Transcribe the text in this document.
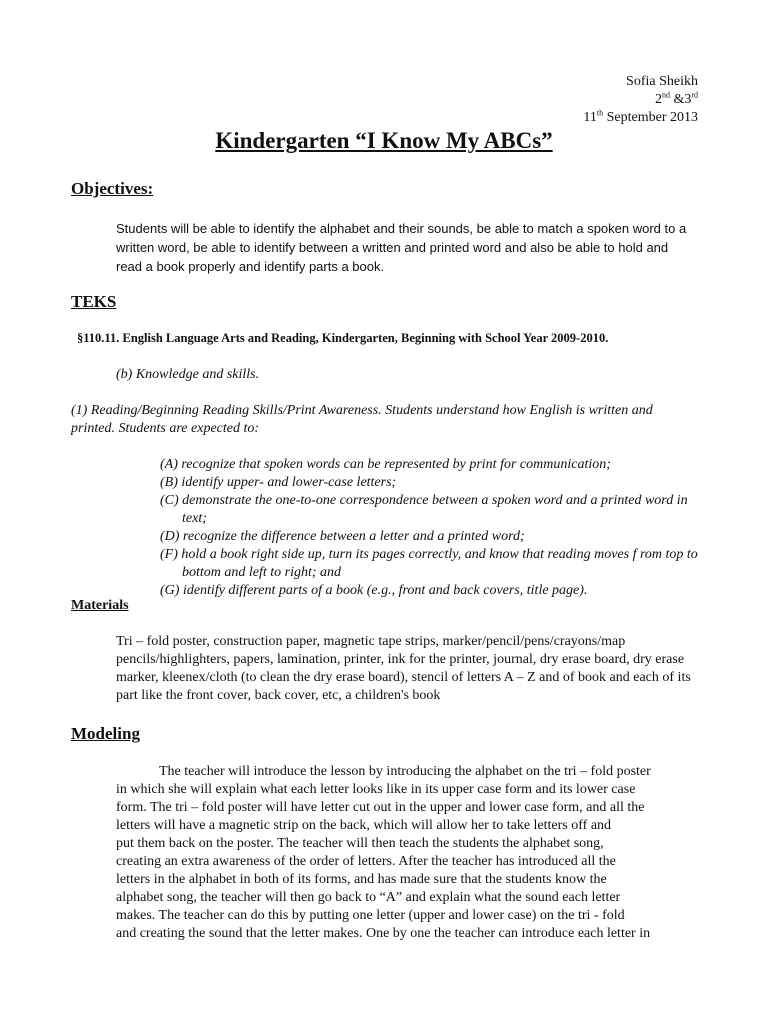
Sofia Sheikh
2nd &3rd
11th September 2013
Kindergarten “I Know My ABCs”
Objectives:
Students will be able to identify the alphabet and their sounds, be able to match a spoken word to a written word, be able to identify between a written and printed word and also be able to hold and read a book properly and identify parts a book.
TEKS
§110.11. English Language Arts and Reading, Kindergarten, Beginning with School Year 2009-2010.
(b) Knowledge and skills.
(1) Reading/Beginning Reading Skills/Print Awareness. Students understand how English is written and printed. Students are expected to:
(A) recognize that spoken words can be represented by print for communication;
(B) identify upper- and lower-case letters;
(C) demonstrate the one-to-one correspondence between a spoken word and a printed word in text;
(D) recognize the difference between a letter and a printed word;
(F) hold a book right side up, turn its pages correctly, and know that reading moves f rom top to bottom and left to right; and
(G) identify different parts of a book (e.g., front and back covers, title page).
Materials
Tri – fold poster, construction paper, magnetic tape strips, marker/pencil/pens/crayons/map pencils/highlighters, papers, lamination, printer, ink for the printer, journal, dry erase board, dry erase marker, kleenex/cloth (to clean the dry erase board), stencil of letters A – Z and of book and each of its part like the front cover, back cover, etc, a children's book
Modeling
The teacher will introduce the lesson by introducing the alphabet on the tri – fold poster
in which she will explain what each letter looks like in its upper case form and its lower case
form. The tri – fold poster will have letter cut out in the upper and lower case form, and all the
letters will have a magnetic strip on the back, which will allow her to take letters off and
put them back on the poster. The teacher will then teach the students the alphabet song,
creating an extra awareness of the order of letters. After the teacher has introduced all the
letters in the alphabet in both of its forms, and has made sure that the students know the
alphabet song, the teacher will then go back to “A” and explain what the sound each letter
makes. The teacher can do this by putting one letter (upper and lower case) on the tri - fold
and creating the sound that the letter makes. One by one the teacher can introduce each letter in
